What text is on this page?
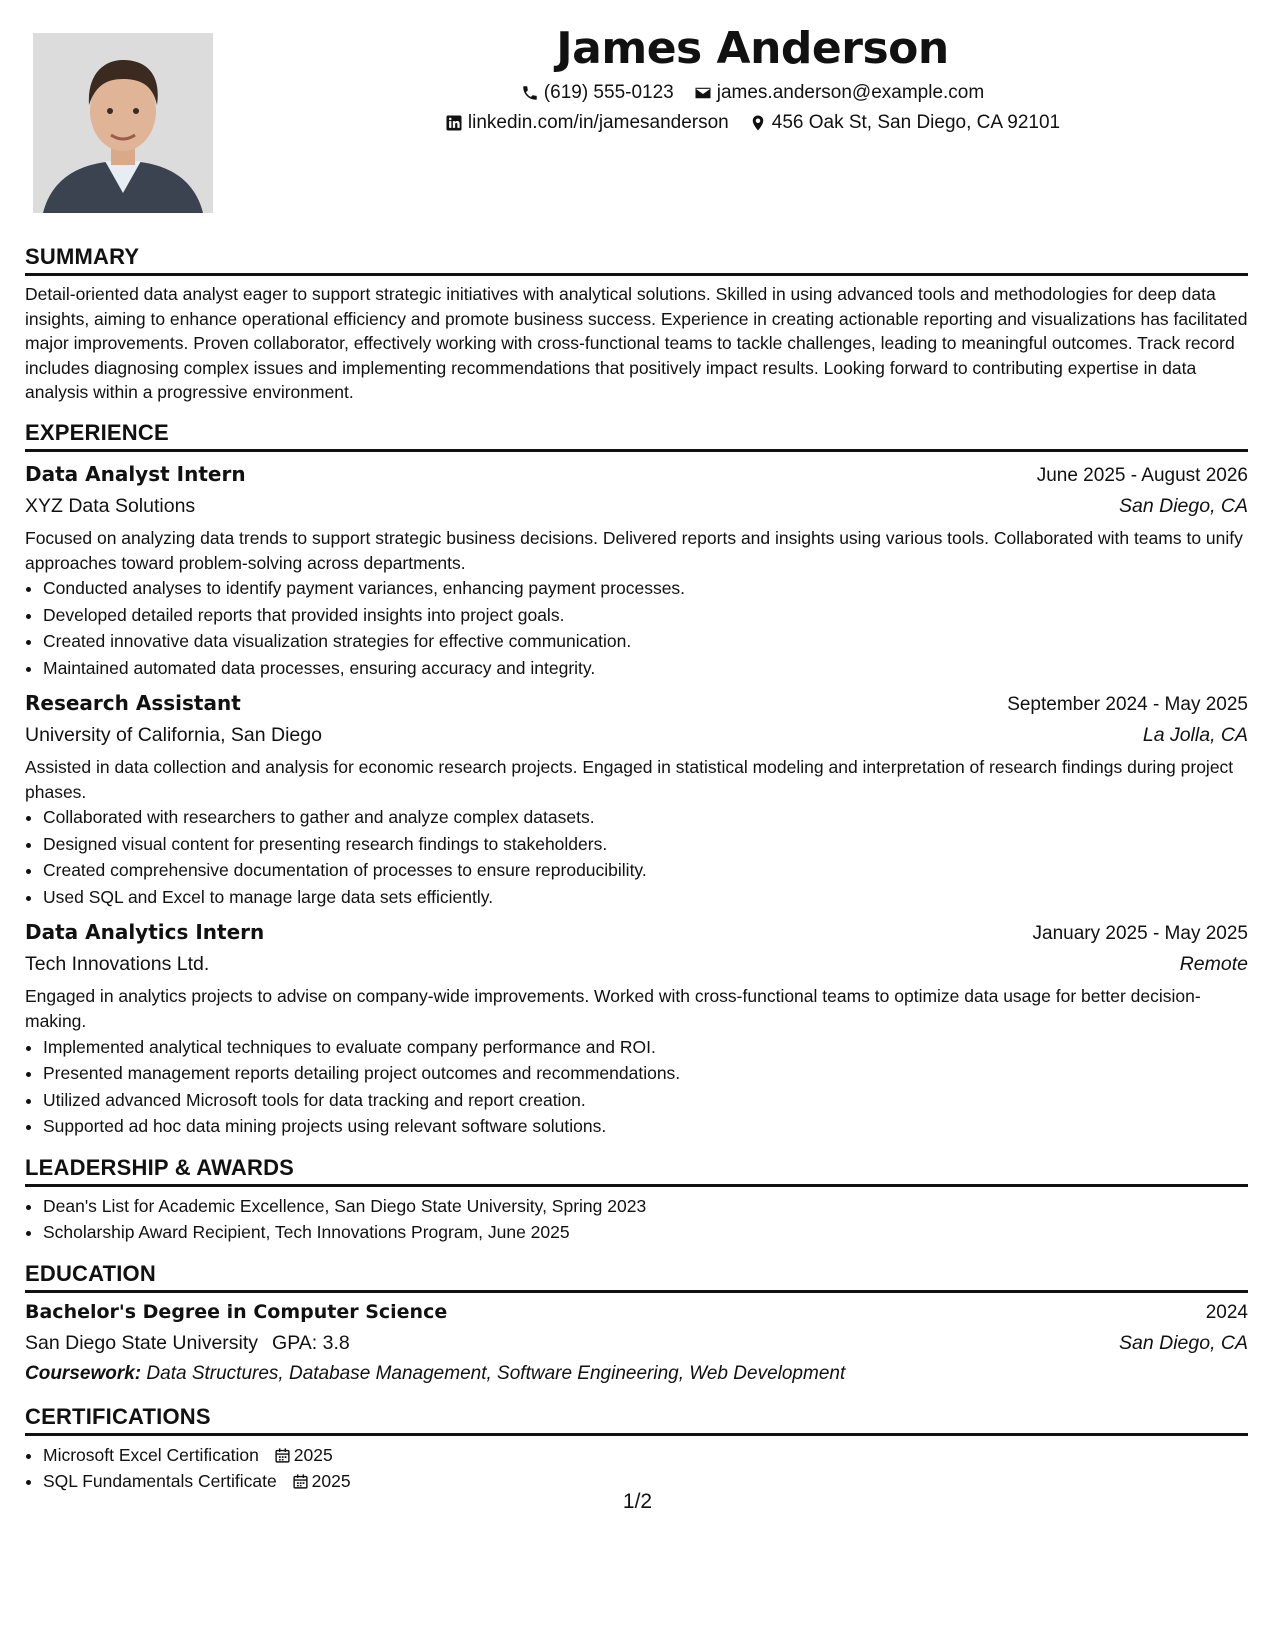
James Anderson
(619) 555-0123 james.anderson@example.com
linkedin.com/in/jamesanderson 456 Oak St, San Diego, CA 92101
SUMMARY

Detail-oriented data analyst eager to support strategic initiatives with analytical solutions. Skilled in using advanced tools and methodologies for deep data insights, aiming to enhance operational efficiency and promote business success. Experience in creating actionable reporting and visualizations has facilitated major improvements. Proven collaborator, effectively working with cross-functional teams to tackle challenges, leading to meaningful outcomes. Track record includes diagnosing complex issues and implementing recommendations that positively impact results. Looking forward to contributing expertise in data analysis within a progressive environment.

EXPERIENCE
Data Analyst Intern	June 2025 - August 2026
XYZ Data Solutions	San Diego, CA
Focused on analyzing data trends to support strategic business decisions. Delivered reports and insights using various tools. Collaborated with teams to unify approaches toward problem-solving across departments.
• Conducted analyses to identify payment variances, enhancing payment processes.
• Developed detailed reports that provided insights into project goals.
• Created innovative data visualization strategies for effective communication.
• Maintained automated data processes, ensuring accuracy and integrity.
Research Assistant	September 2024 - May 2025
University of California, San Diego	La Jolla, CA
Assisted in data collection and analysis for economic research projects. Engaged in statistical modeling and interpretation of research findings during project phases.
• Collaborated with researchers to gather and analyze complex datasets.
• Designed visual content for presenting research findings to stakeholders.
• Created comprehensive documentation of processes to ensure reproducibility.
• Used SQL and Excel to manage large data sets efficiently.
Data Analytics Intern	January 2025 - May 2025
Tech Innovations Ltd.	Remote
Engaged in analytics projects to advise on company-wide improvements. Worked with cross-functional teams to optimize data usage for better decision-making.
• Implemented analytical techniques to evaluate company performance and ROI.
• Presented management reports detailing project outcomes and recommendations.
• Utilized advanced Microsoft tools for data tracking and report creation.
• Supported ad hoc data mining projects using relevant software solutions.
LEADERSHIP & AWARDS
• Dean's List for Academic Excellence, San Diego State University, Spring 2023
• Scholarship Award Recipient, Tech Innovations Program, June 2025
EDUCATION
Bachelor's Degree in Computer Science	2024
San Diego State University GPA: 3.8	San Diego, CA
Coursework: Data Structures, Database Management, Software Engineering, Web Development
CERTIFICATIONS
• Microsoft Excel Certification 2025
• SQL Fundamentals Certificate 2025
1/2
